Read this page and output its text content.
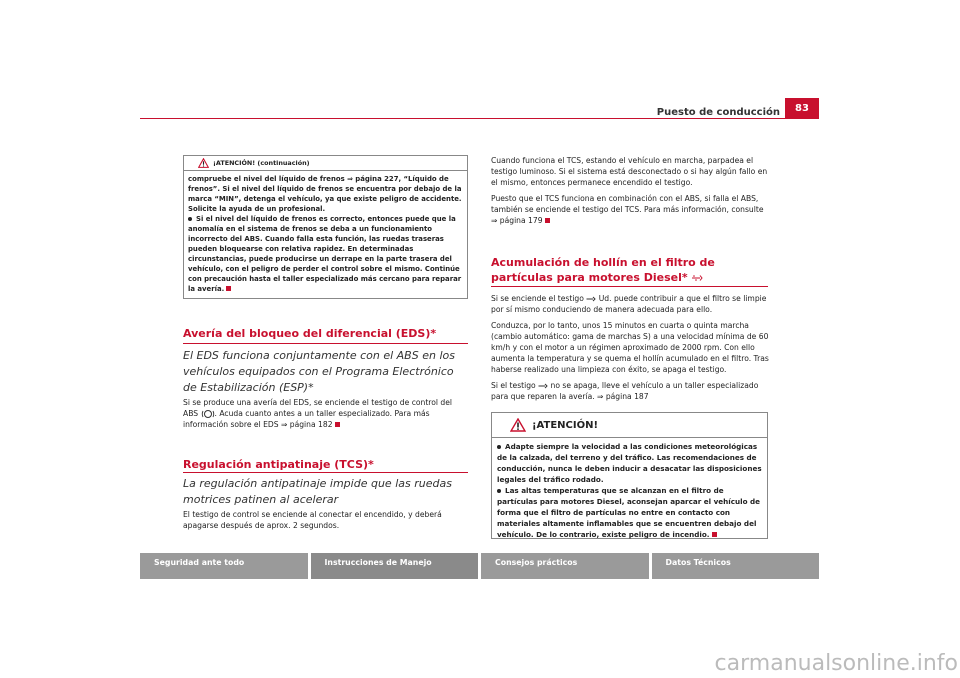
Puesto de conducción	83
¡ATENCIÓN! (continuación)

compruebe el nivel del líquido de frenos ⇒ página 227, “Líquido de frenos”. Si el nivel del líquido de frenos se encuentra por debajo de la marca “MIN”, detenga el vehículo, ya que existe peligro de accidente. Solicite la ayuda de un profesional.

Si el nivel del líquido de frenos es correcto, entonces puede que la anomalía en el sistema de frenos se deba a un funcionamiento incorrecto del ABS. Cuando falla esta función, las ruedas traseras pueden bloquearse con relativa rapidez. En determinadas circunstancias, puede producirse un derrape en la parte trasera del vehículo, con el peligro de perder el control sobre el mismo. Continúe con precaución hasta el taller especializado más cercano para reparar la avería.

Avería del bloqueo del diferencial (EDS)*
El EDS funciona conjuntamente con el ABS en los vehículos equipados con el Programa Electrónico de Estabilización (ESP)*

Si se produce una avería del EDS, se enciende el testigo de control del ABS . Acuda cuanto antes a un taller especializado. Para más información sobre el EDS ⇒ página 182

Regulación antipatinaje (TCS)*
La regulación antipatinaje impide que las ruedas motrices patinen al acelerar

El testigo de control se enciende al conectar el encendido, y deberá apagarse después de aprox. 2 segundos.

Cuando funciona el TCS, estando el vehículo en marcha, parpadea el testigo luminoso. Si el sistema está desconectado o si hay algún fallo en el mismo, entonces permanece encendido el testigo.

Puesto que el TCS funciona en combinación con el ABS, si falla el ABS, también se enciende el testigo del TCS. Para más información, consulte
⇒ página 179

Acumulación de hollín en el filtro de partículas para motores Diesel*

Si se enciende el testigo Ud. puede contribuir a que el filtro se limpie por sí mismo conduciendo de manera adecuada para ello.

Conduzca, por lo tanto, unos 15 minutos en cuarta o quinta marcha (cambio automático: gama de marchas S) a una velocidad mínima de 60 km/h y con el motor a un régimen aproximado de 2000 rpm. Con ello aumenta la temperatura y se quema el hollín acumulado en el filtro. Tras haberse realizado una limpieza con éxito, se apaga el testigo.

Si el testigo no se apaga, lleve el vehículo a un taller especializado para que reparen la avería. ⇒ página 187

¡ATENCIÓN!

Adapte siempre la velocidad a las condiciones meteorológicas de la calzada, del terreno y del tráfico. Las recomendaciones de conducción, nunca le deben inducir a desacatar las disposiciones legales del tráfico rodado.

Las altas temperaturas que se alcanzan en el filtro de partículas para motores Diesel, aconsejan aparcar el vehículo de forma que el filtro de partículas no entre en contacto con materiales altamente inflamables que se encuentren debajo del vehículo. De lo contrario, existe peligro de incendio.

Seguridad ante todo	Instrucciones de Manejo	Consejos prácticos	Datos Técnicos
carmanualsonline.info
